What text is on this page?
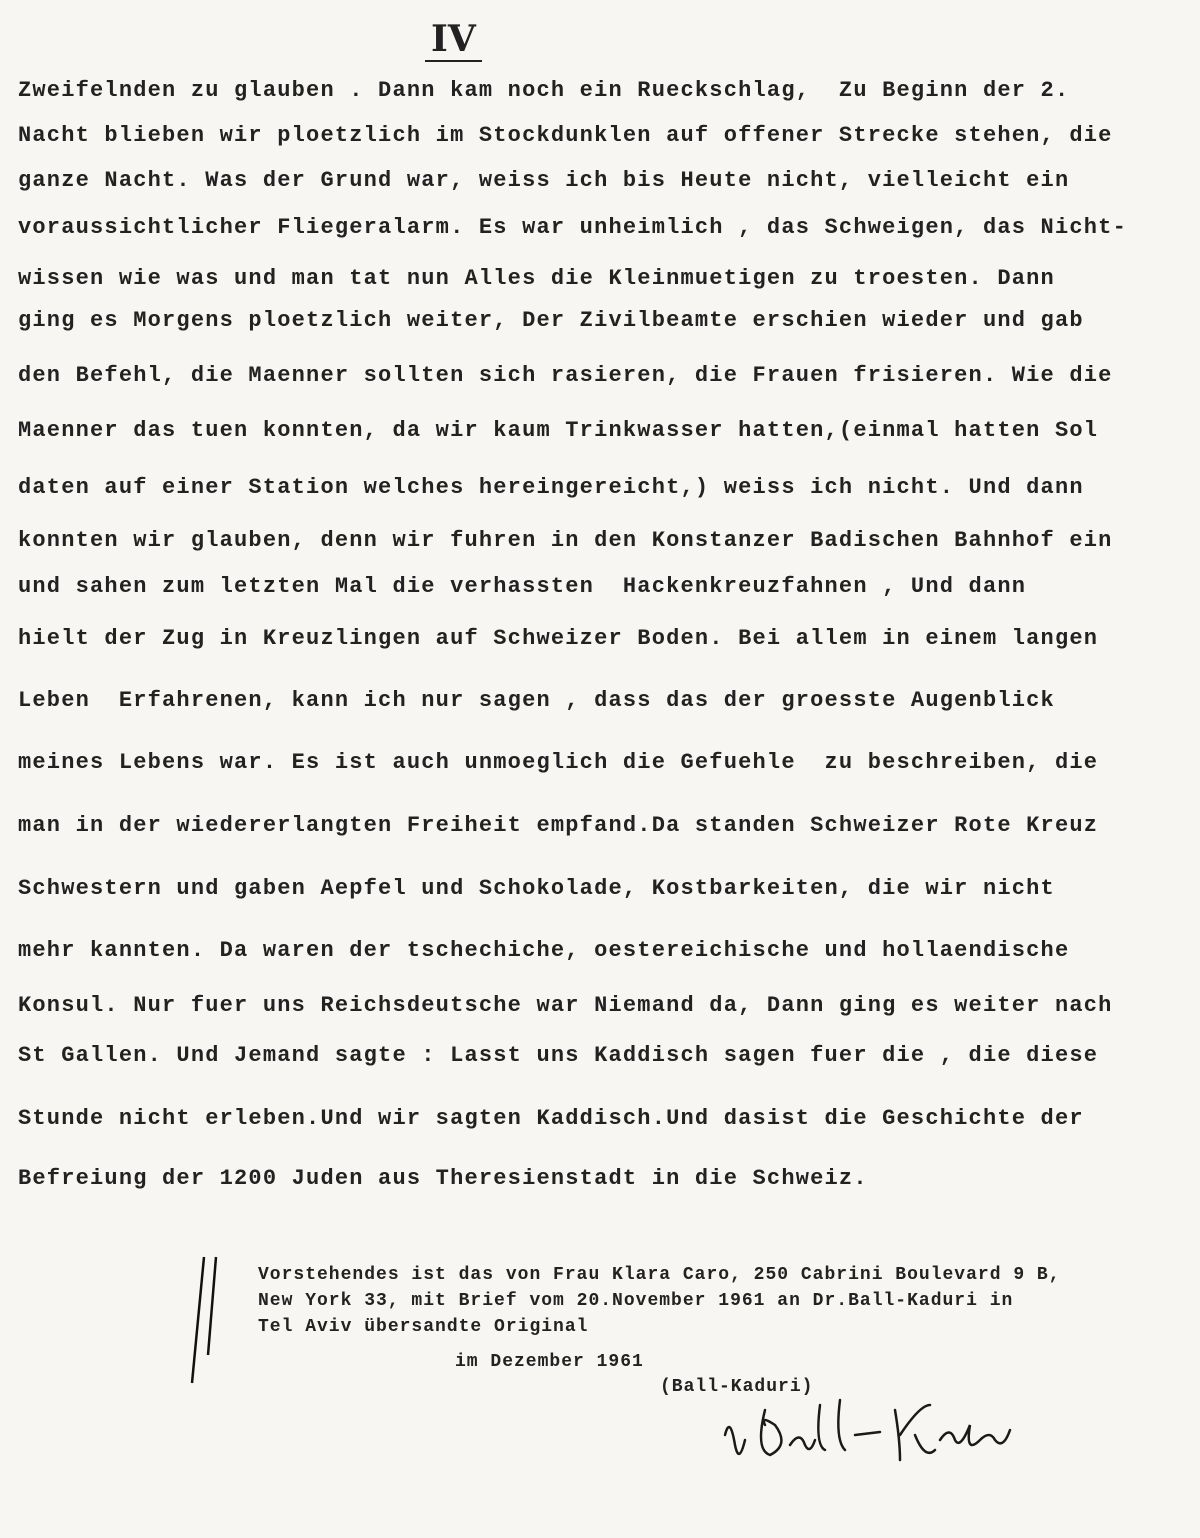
IV
Zweifelnden zu glauben . Dann kam noch ein Rueckschlag,  Zu Beginn der 2.
Nacht blieben wir ploetzlich im Stockdunklen auf offener Strecke stehen, die
ganze Nacht. Was der Grund war, weiss ich bis Heute nicht, vielleicht ein
voraussichtlicher Fliegeralarm. Es war unheimlich , das Schweigen, das Nicht-
wissen wie was und man tat nun Alles die Kleinmuetigen zu troesten. Dann
ging es Morgens ploetzlich weiter, Der Zivilbeamte erschien wieder und gab
den Befehl, die Maenner sollten sich rasieren, die Frauen frisieren. Wie die
Maenner das tuen konnten, da wir kaum Trinkwasser hatten,(einmal hatten Sol
daten auf einer Station welches hereingereicht,) weiss ich nicht. Und dann
konnten wir glauben, denn wir fuhren in den Konstanzer Badischen Bahnhof ein
und sahen zum letzten Mal die verhassten  Hackenkreuzfahnen , Und dann
hielt der Zug in Kreuzlingen auf Schweizer Boden. Bei allem in einem langen
Leben  Erfahrenen, kann ich nur sagen , dass das der groesste Augenblick
meines Lebens war. Es ist auch unmoeglich die Gefuehle  zu beschreiben, die
man in der wiedererlangten Freiheit empfand.Da standen Schweizer Rote Kreuz
Schwestern und gaben Aepfel und Schokolade, Kostbarkeiten, die wir nicht
mehr kannten. Da waren der tschechiche, oestereichische und hollaendische
Konsul. Nur fuer uns Reichsdeutsche war Niemand da, Dann ging es weiter nach
St Gallen. Und Jemand sagte : Lasst uns Kaddisch sagen fuer die , die diese
Stunde nicht erleben.Und wir sagten Kaddisch.Und dasist die Geschichte der
Befreiung der 1200 Juden aus Theresienstadt in die Schweiz.
Vorstehendes ist das von Frau Klara Caro, 250 Cabrini Boulevard 9 B,
New York 33, mit Brief vom 20.November 1961 an Dr.Ball-Kaduri in
Tel Aviv übersandte Original
im Dezember 1961
(Ball-Kaduri)
